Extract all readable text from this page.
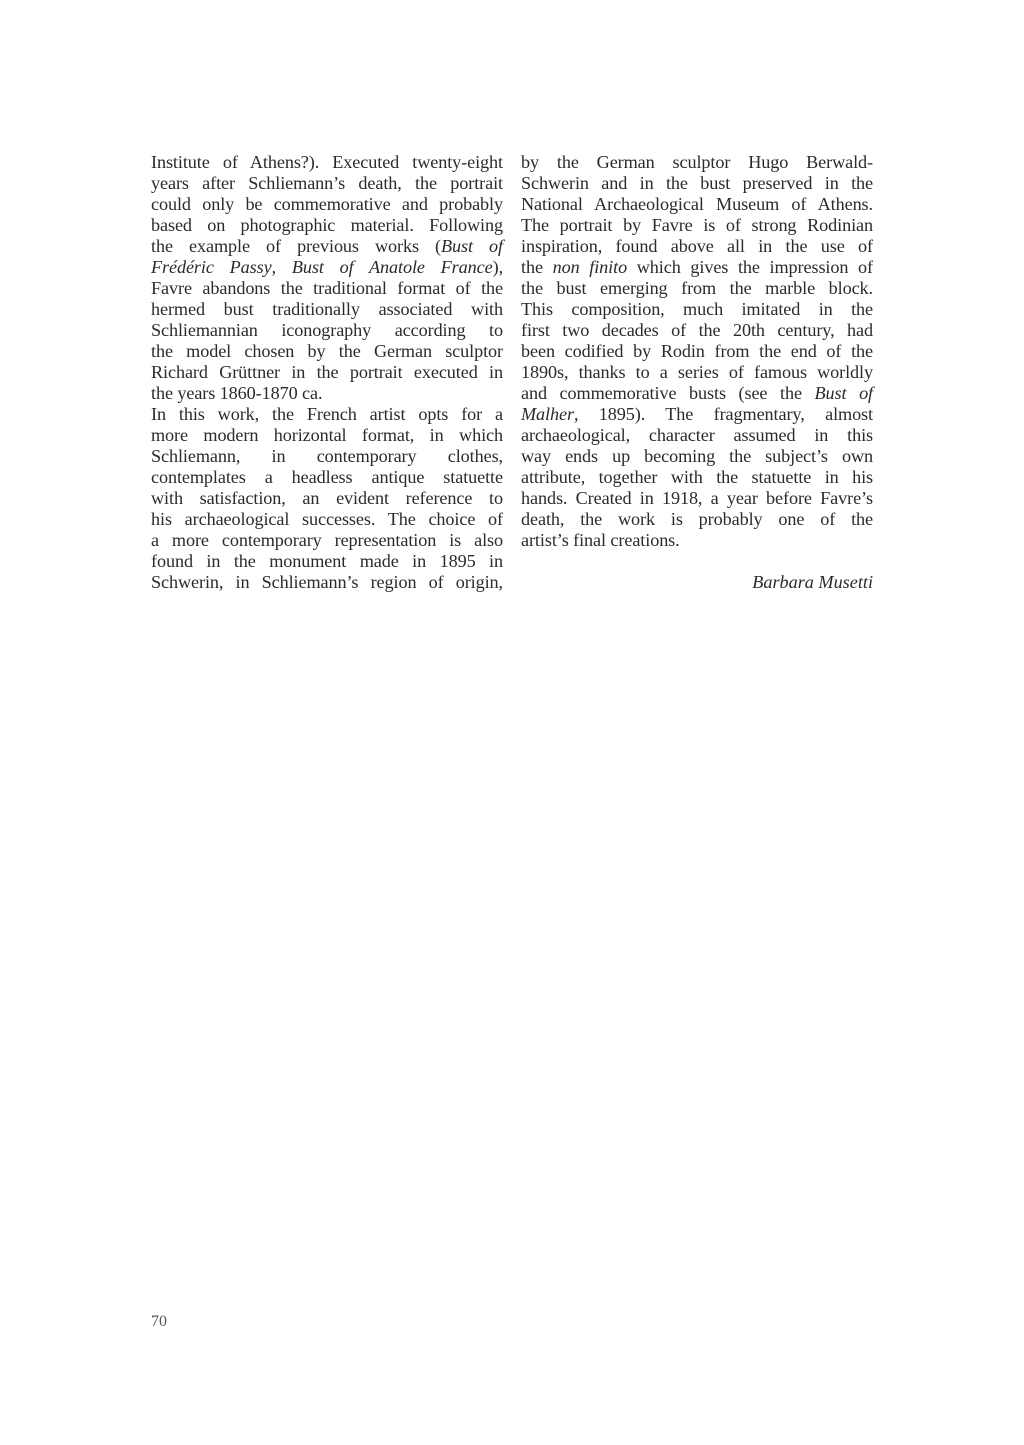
Institute of Athens?). Executed twenty-eight
years after Schliemann’s death, the portrait
could only be commemorative and probably
based on photographic material. Following
the example of previous works (Bust of
Frédéric Passy, Bust of Anatole France),
Favre abandons the traditional format of the
hermed bust traditionally associated with
Schliemannian iconography according to
the model chosen by the German sculptor
Richard Grüttner in the portrait executed in
the years 1860-1870 ca.
In this work, the French artist opts for a
more modern horizontal format, in which
Schliemann, in contemporary clothes,
contemplates a headless antique statuette
with satisfaction, an evident reference to
his archaeological successes. The choice of
a more contemporary representation is also
found in the monument made in 1895 in
Schwerin, in Schliemann’s region of origin,
by the German sculptor Hugo Berwald-
Schwerin and in the bust preserved in the
National Archaeological Museum of Athens.
The portrait by Favre is of strong Rodinian
inspiration, found above all in the use of
the non finito which gives the impression of
the bust emerging from the marble block.
This composition, much imitated in the
first two decades of the 20th century, had
been codified by Rodin from the end of the
1890s, thanks to a series of famous worldly
and commemorative busts (see the Bust of
Malher, 1895). The fragmentary, almost
archaeological, character assumed in this
way ends up becoming the subject’s own
attribute, together with the statuette in his
hands. Created in 1918, a year before Favre’s
death, the work is probably one of the
artist’s final creations.
Barbara Musetti
70
